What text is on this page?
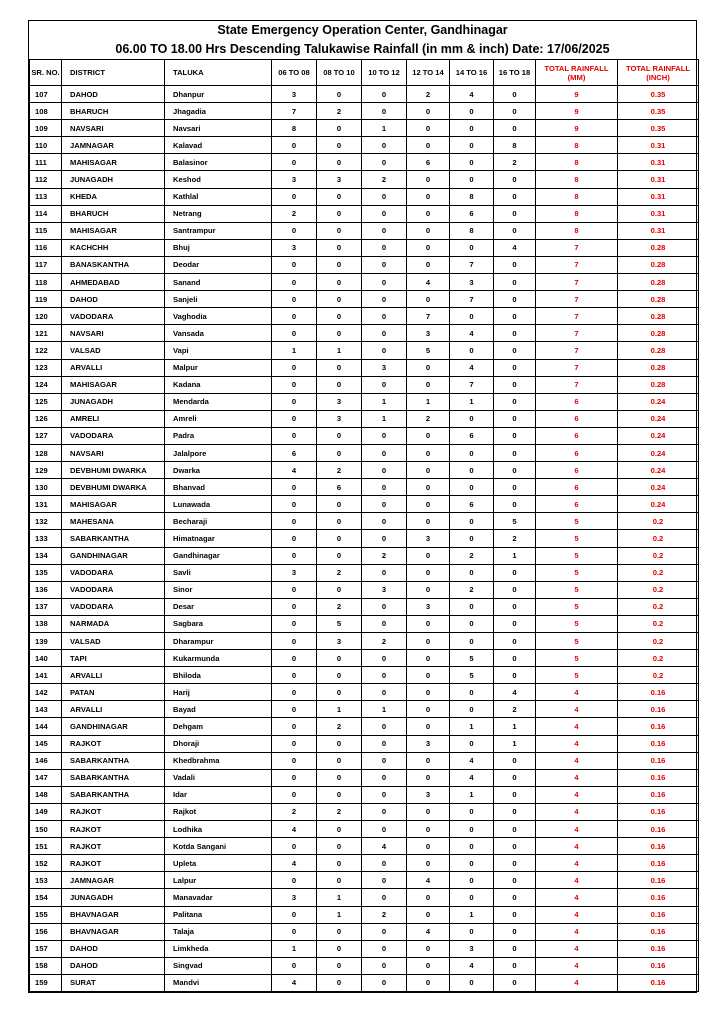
State Emergency Operation Center, Gandhinagar
06.00 TO 18.00 Hrs Descending Talukawise Rainfall (in mm & inch) Date: 17/06/2025
SR. NO.	DISTRICT	TALUKA	06 TO 08	08 TO 10	10 TO 12	12 TO 14	14 TO 16	16 TO 18	TOTAL RAINFALL (MM)	TOTAL RAINFALL (INCH)
107	DAHOD	Dhanpur	3	0	0	2	4	0	9	0.35
108	BHARUCH	Jhagadia	7	2	0	0	0	0	9	0.35
109	NAVSARI	Navsari	8	0	1	0	0	0	9	0.35
110	JAMNAGAR	Kalavad	0	0	0	0	0	8	8	0.31
111	MAHISAGAR	Balasinor	0	0	0	6	0	2	8	0.31
112	JUNAGADH	Keshod	3	3	2	0	0	0	8	0.31
113	KHEDA	Kathlal	0	0	0	0	8	0	8	0.31
114	BHARUCH	Netrang	2	0	0	0	6	0	8	0.31
115	MAHISAGAR	Santrampur	0	0	0	0	8	0	8	0.31
116	KACHCHH	Bhuj	3	0	0	0	0	4	7	0.28
117	BANASKANTHA	Deodar	0	0	0	0	7	0	7	0.28
118	AHMEDABAD	Sanand	0	0	0	4	3	0	7	0.28
119	DAHOD	Sanjeli	0	0	0	0	7	0	7	0.28
120	VADODARA	Vaghodia	0	0	0	7	0	0	7	0.28
121	NAVSARI	Vansada	0	0	0	3	4	0	7	0.28
122	VALSAD	Vapi	1	1	0	5	0	0	7	0.28
123	ARVALLI	Malpur	0	0	3	0	4	0	7	0.28
124	MAHISAGAR	Kadana	0	0	0	0	7	0	7	0.28
125	JUNAGADH	Mendarda	0	3	1	1	1	0	6	0.24
126	AMRELI	Amreli	0	3	1	2	0	0	6	0.24
127	VADODARA	Padra	0	0	0	0	6	0	6	0.24
128	NAVSARI	Jalalpore	6	0	0	0	0	0	6	0.24
129	DEVBHUMI DWARKA	Dwarka	4	2	0	0	0	0	6	0.24
130	DEVBHUMI DWARKA	Bhanvad	0	6	0	0	0	0	6	0.24
131	MAHISAGAR	Lunawada	0	0	0	0	6	0	6	0.24
132	MAHESANA	Becharaji	0	0	0	0	0	5	5	0.2
133	SABARKANTHA	Himatnagar	0	0	0	3	0	2	5	0.2
134	GANDHINAGAR	Gandhinagar	0	0	2	0	2	1	5	0.2
135	VADODARA	Savli	3	2	0	0	0	0	5	0.2
136	VADODARA	Sinor	0	0	3	0	2	0	5	0.2
137	VADODARA	Desar	0	2	0	3	0	0	5	0.2
138	NARMADA	Sagbara	0	5	0	0	0	0	5	0.2
139	VALSAD	Dharampur	0	3	2	0	0	0	5	0.2
140	TAPI	Kukarmunda	0	0	0	0	5	0	5	0.2
141	ARVALLI	Bhiloda	0	0	0	0	5	0	5	0.2
142	PATAN	Harij	0	0	0	0	0	4	4	0.16
143	ARVALLI	Bayad	0	1	1	0	0	2	4	0.16
144	GANDHINAGAR	Dehgam	0	2	0	0	1	1	4	0.16
145	RAJKOT	Dhoraji	0	0	0	3	0	1	4	0.16
146	SABARKANTHA	Khedbrahma	0	0	0	0	4	0	4	0.16
147	SABARKANTHA	Vadali	0	0	0	0	4	0	4	0.16
148	SABARKANTHA	Idar	0	0	0	3	1	0	4	0.16
149	RAJKOT	Rajkot	2	2	0	0	0	0	4	0.16
150	RAJKOT	Lodhika	4	0	0	0	0	0	4	0.16
151	RAJKOT	Kotda Sangani	0	0	4	0	0	0	4	0.16
152	RAJKOT	Upleta	4	0	0	0	0	0	4	0.16
153	JAMNAGAR	Lalpur	0	0	0	4	0	0	4	0.16
154	JUNAGADH	Manavadar	3	1	0	0	0	0	4	0.16
155	BHAVNAGAR	Palitana	0	1	2	0	1	0	4	0.16
156	BHAVNAGAR	Talaja	0	0	0	4	0	0	4	0.16
157	DAHOD	Limkheda	1	0	0	0	3	0	4	0.16
158	DAHOD	Singvad	0	0	0	0	4	0	4	0.16
159	SURAT	Mandvi	4	0	0	0	0	0	4	0.16
